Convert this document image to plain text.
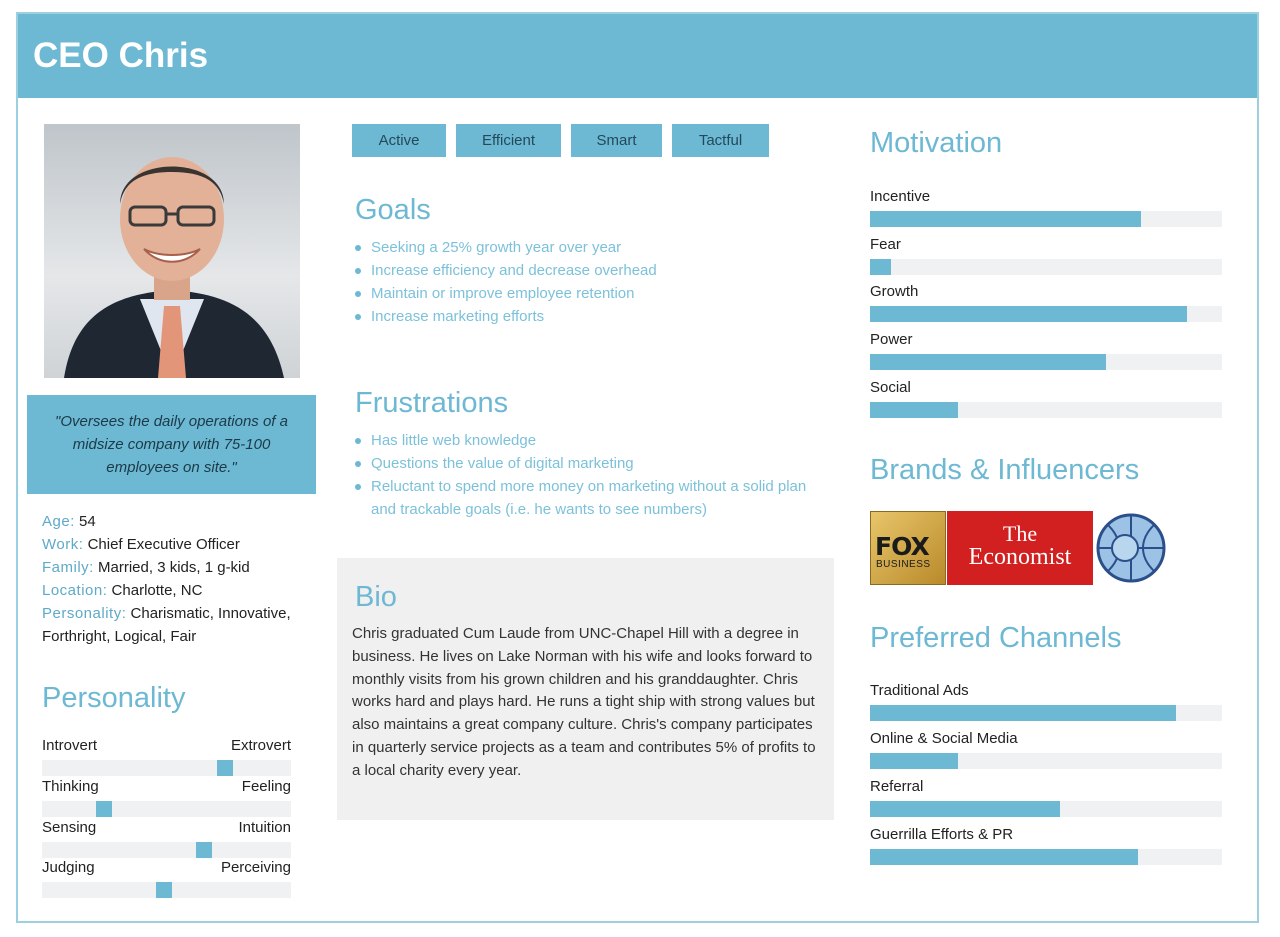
CEO Chris
"Oversees the daily operations of a midsize company with 75-100 employees on site."
Age: 54
Work: Chief Executive Officer
Family: Married, 3 kids, 1 g-kid
Location: Charlotte, NC
Personality: Charismatic, Innovative, Forthright, Logical, Fair
Personality
Introvert	Extrovert
Thinking	Feeling
Sensing	Intuition
Judging	Perceiving
Active	Efficient	Smart	Tactful
Goals
Seeking a 25% growth year over year
Increase efficiency and decrease overhead
Maintain or improve employee retention
Increase marketing efforts
Frustrations
Has little web knowledge
Questions the value of digital marketing
Reluctant to spend more money on marketing without a solid plan and trackable goals (i.e. he wants to see numbers)
Bio
Chris graduated Cum Laude from UNC-Chapel Hill with a degree in business. He lives on Lake Norman with his wife and looks forward to monthly visits from his grown children and his granddaughter. Chris works hard and plays hard. He runs a tight ship with strong values but also maintains a great company culture. Chris's company participates in quarterly service projects as a team and contributes 5% of profits to a local charity every year.
Motivation
Incentive
Fear
Growth
Power
Social
Brands & Influencers
FOX
BUSINESS
The
Economist
Preferred Channels
Traditional Ads
Online & Social Media
Referral
Guerrilla Efforts & PR
